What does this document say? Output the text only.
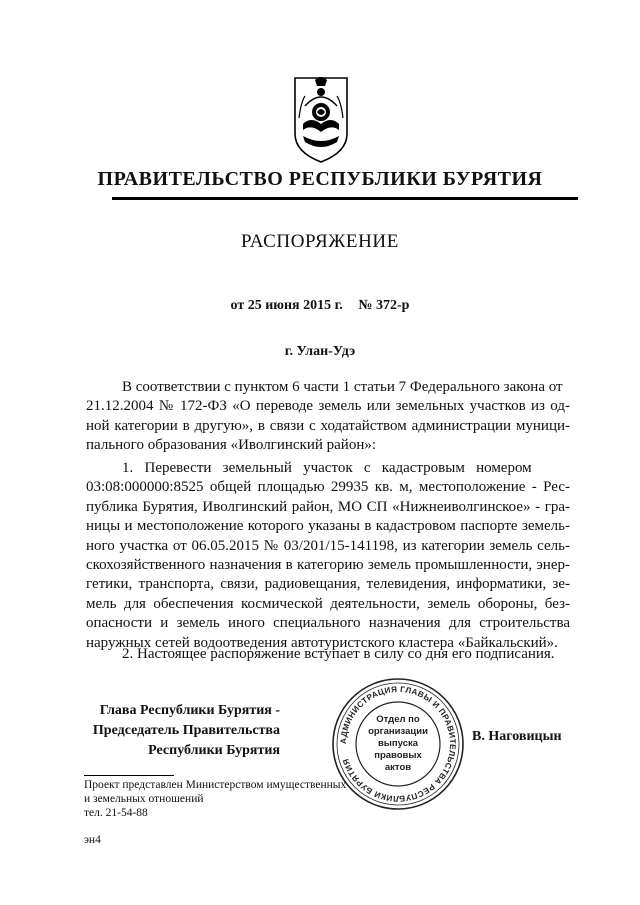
ПРАВИТЕЛЬСТВО РЕСПУБЛИКИ БУРЯТИЯ
РАСПОРЯЖЕНИЕ
от 25 июня 2015 г. № 372-р
г. Улан-Удэ
В соответствии с пунктом 6 части 1 статьи 7 Федерального закона от
21.12.2004 № 172-ФЗ «О переводе земель или земельных участков из од-
ной категории в другую», в связи с ходатайством администрации муници-
пального образования «Иволгинский район»:
1.   Перевести   земельный   участок   с   кадастровым   номером
03:08:000000:8525 общей площадью 29935 кв. м, местоположение - Рес-
публика Бурятия, Иволгинский район, МО СП «Нижнеиволгинское» - гра-
ницы и местоположение которого указаны в кадастровом паспорте земель-
ного участка от 06.05.2015 № 03/201/15-141198, из категории земель сель-
скохозяйственного назначения в категорию земель промышленности, энер-
гетики, транспорта, связи, радиовещания, телевидения, информатики, зе-
мель для обеспечения космической деятельности, земель обороны, без-
опасности и земель иного специального назначения для строительства
наружных сетей водоотведения автотуристского кластера «Байкальский».
2. Настоящее распоряжение вступает в силу со дня его подписания.
Глава Республики Бурятия -
Председатель Правительства
Республики Бурятия
АДМИНИСТРАЦИЯ ГЛАВЫ И ПРАВИТЕЛЬСТВА РЕСПУБЛИКИ БУРЯТИЯ
Отдел по
организации
выпуска
правовых
актов
В. Наговицын
Проект представлен Министерством имущественных
и земельных отношений
тел. 21-54-88
эн4
